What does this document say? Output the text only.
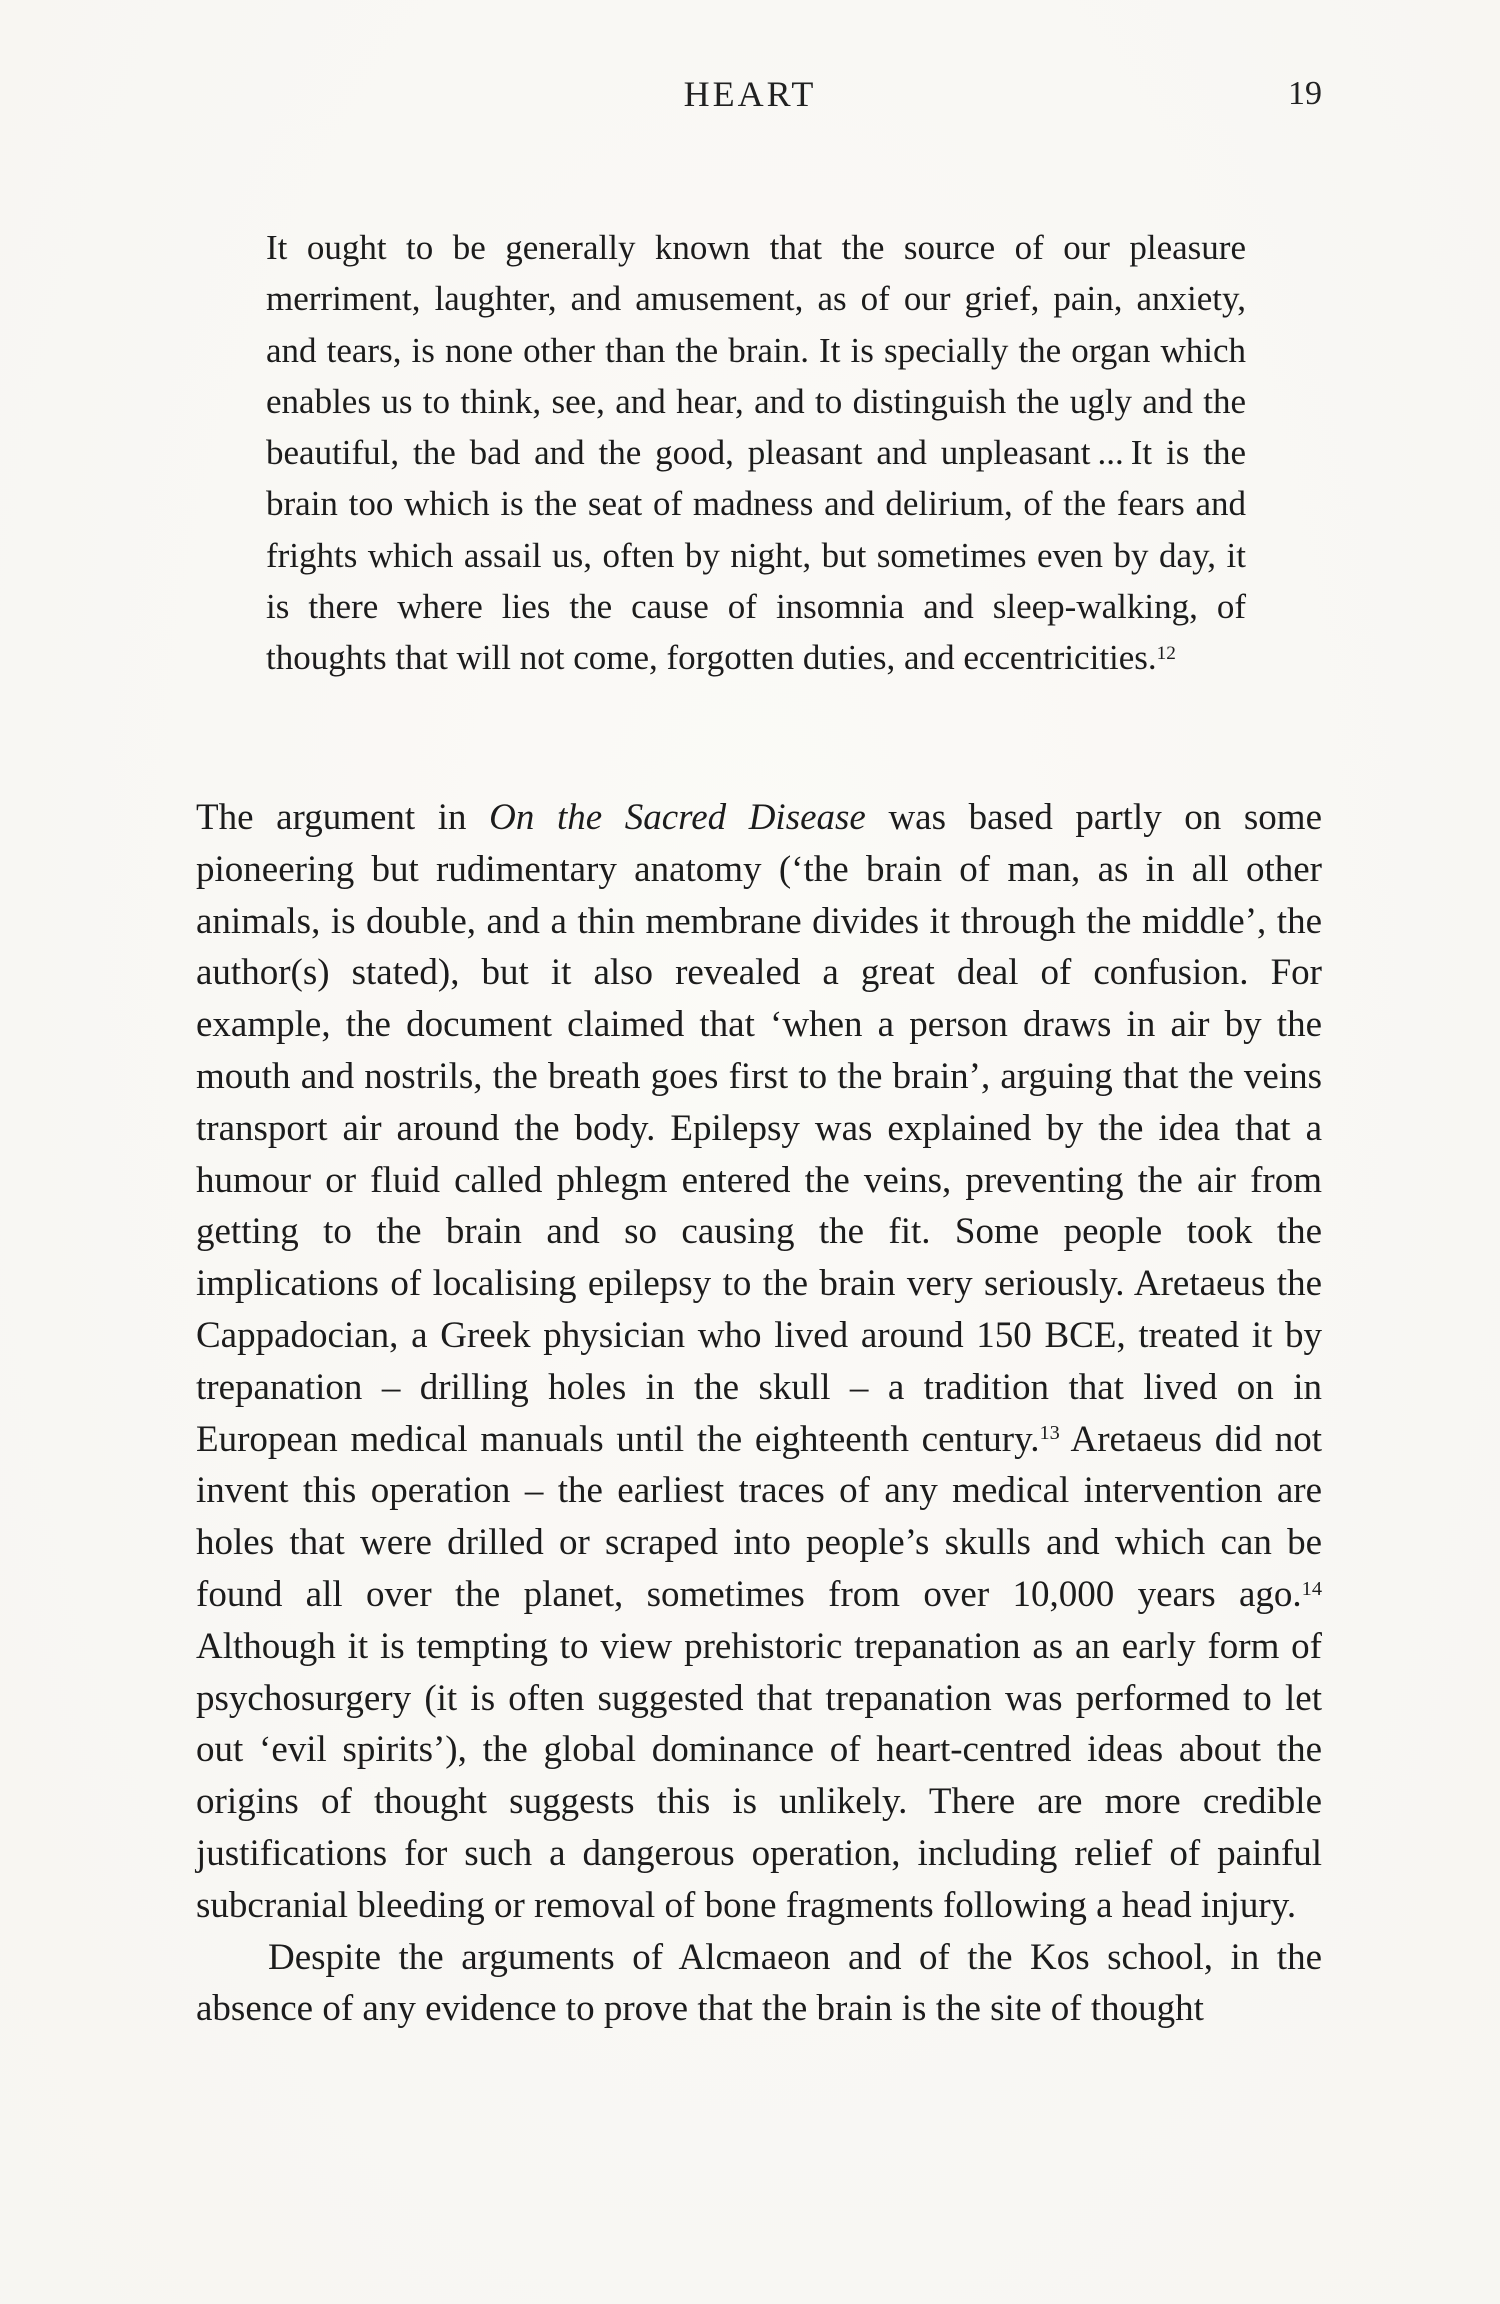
HEART	19
It ought to be generally known that the source of our pleasure merriment, laughter, and amusement, as of our grief, pain, anxiety, and tears, is none other than the brain. It is specially the organ which enables us to think, see, and hear, and to distinguish the ugly and the beautiful, the bad and the good, pleasant and unpleasant ... It is the brain too which is the seat of madness and delirium, of the fears and frights which assail us, often by night, but sometimes even by day, it is there where lies the cause of insomnia and sleep-walking, of thoughts that will not come, forgotten duties, and eccentricities.$^{12}$

The argument in On the Sacred Disease was based partly on some pioneering but rudimentary anatomy (‘the brain of man, as in all other animals, is double, and a thin membrane divides it through the middle’, the author(s) stated), but it also revealed a great deal of confusion. For example, the document claimed that ‘when a person draws in air by the mouth and nostrils, the breath goes first to the brain’, arguing that the veins transport air around the body. Epilepsy was explained by the idea that a humour or fluid called phlegm entered the veins, preventing the air from getting to the brain and so causing the fit. Some people took the implications of localising epilepsy to the brain very seriously. Aretaeus the Cappadocian, a Greek physician who lived around 150 BCE, treated it by trepanation – drilling holes in the skull – a tradition that lived on in European medical manuals until the eighteenth century.$^{13}$ Aretaeus did not invent this operation – the earliest traces of any medical intervention are holes that were drilled or scraped into people’s skulls and which can be found all over the planet, sometimes from over 10,000 years ago.$^{14}$ Although it is tempting to view prehistoric trepanation as an early form of psychosurgery (it is often suggested that trepanation was performed to let out ‘evil spirits’), the global dominance of heart-centred ideas about the origins of thought suggests this is unlikely. There are more credible justifications for such a dangerous operation, including relief of painful subcranial bleeding or removal of bone fragments following a head injury.

Despite the arguments of Alcmaeon and of the Kos school, in the absence of any evidence to prove that the brain is the site of thought
